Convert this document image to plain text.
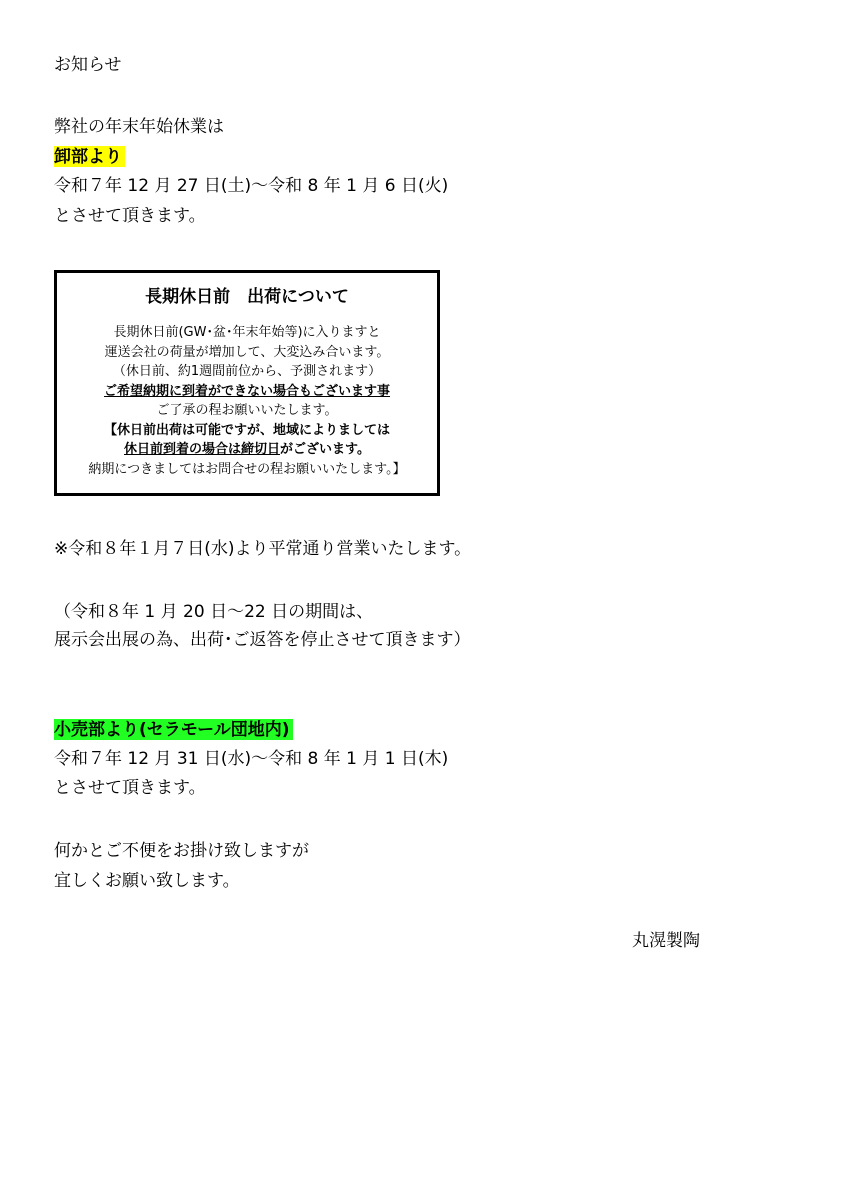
お知らせ
弊社の年末年始休業は
卸部より
令和７年 12 月 27 日(土)～令和 8 年 1 月 6 日(火)
とさせて頂きます。
長期休日前　出荷について
長期休日前(GW･盆･年末年始等)に入りますと
運送会社の荷量が増加して、大変込み合います。
（休日前、約1週間前位から、予測されます）
ご希望納期に到着ができない場合もございます事
ご了承の程お願いいたします。
【休日前出荷は可能ですが、地域によりましては
休日前到着の場合は締切日がございます。
納期につきましてはお問合せの程お願いいたします。】
※令和８年１月７日(水)より平常通り営業いたします。
（令和８年 1 月 20 日～22 日の期間は、
展示会出展の為、出荷･ご返答を停止させて頂きます）
小売部より(セラモール団地内)
令和７年 12 月 31 日(水)～令和 8 年 1 月 1 日(木)
とさせて頂きます。
何かとご不便をお掛け致しますが
宜しくお願い致します。
丸滉製陶
